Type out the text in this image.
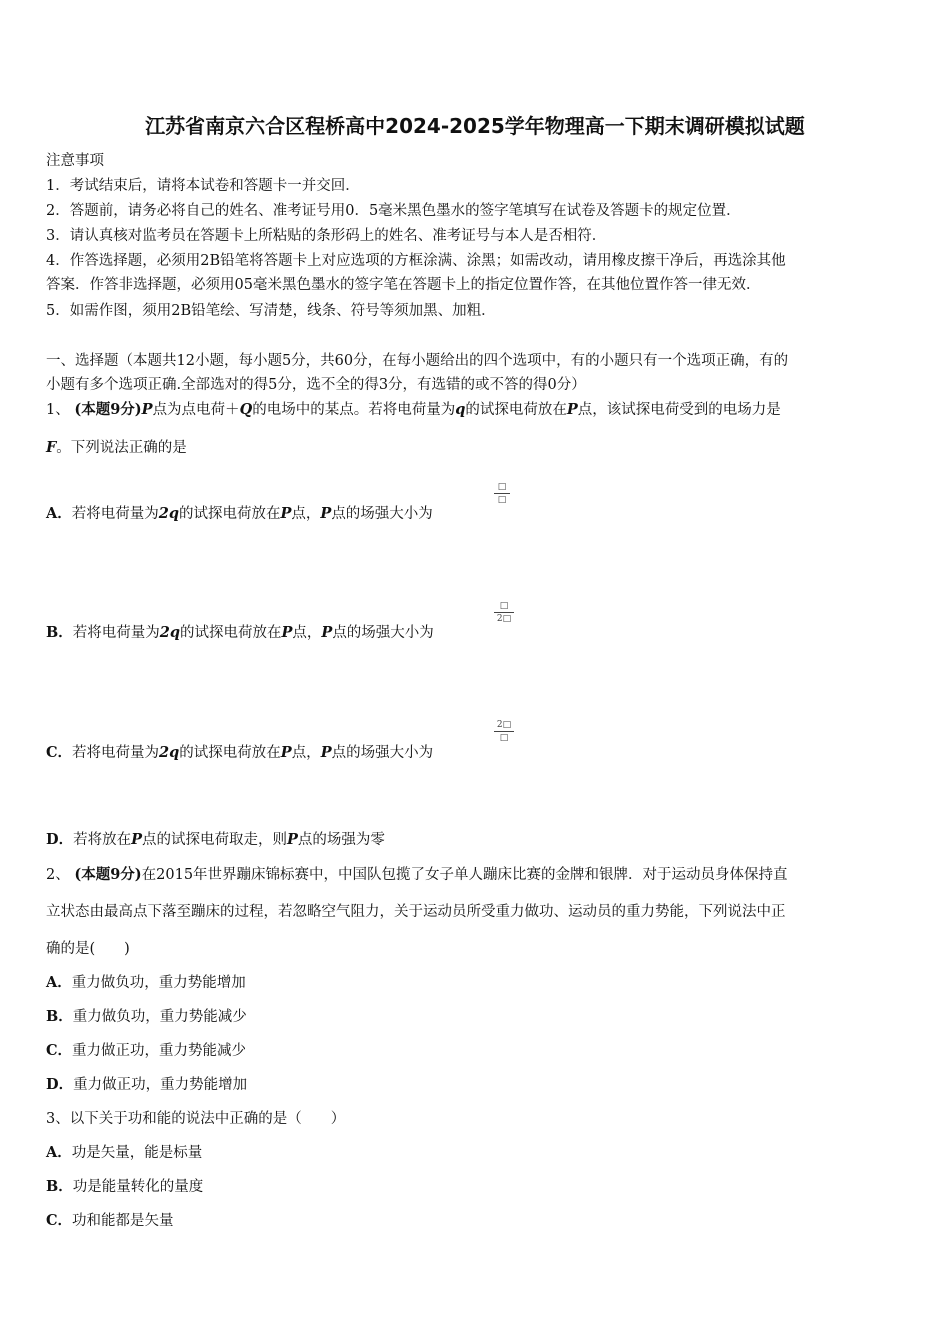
江苏省南京六合区程桥高中2024-2025学年物理高一下期末调研模拟试题
注意事项
1．考试结束后，请将本试卷和答题卡一并交回．
2．答题前，请务必将自己的姓名、准考证号用0．5毫米黑色墨水的签字笔填写在试卷及答题卡的规定位置．
3．请认真核对监考员在答题卡上所粘贴的条形码上的姓名、准考证号与本人是否相符．
4．作答选择题，必须用2B铅笔将答题卡上对应选项的方框涂满、涂黑；如需改动，请用橡皮擦干净后，再选涂其他
答案．作答非选择题，必须用05毫米黑色墨水的签字笔在答题卡上的指定位置作答，在其他位置作答一律无效．
5．如需作图，须用2B铅笔绘、写清楚，线条、符号等须加黑、加粗．
一、选择题（本题共12小题，每小题5分，共60分，在每小题给出的四个选项中，有的小题只有一个选项正确，有的
小题有多个选项正确.全部选对的得5分，选不全的得3分，有选错的或不答的得0分）
1、 (本题9分)P点为点电荷＋Q的电场中的某点。若将电荷量为q的试探电荷放在P点，该试探电荷受到的电场力是
F。下列说法正确的是
A．若将电荷量为2q的试探电荷放在P点，P点的场强大小为
□
□
B．若将电荷量为2q的试探电荷放在P点，P点的场强大小为
□
2□
C．若将电荷量为2q的试探电荷放在P点，P点的场强大小为
2□
□
D．若将放在P点的试探电荷取走，则P点的场强为零
2、 (本题9分)在2015年世界蹦床锦标赛中，中国队包揽了女子单人蹦床比赛的金牌和银牌．对于运动员身体保持直
立状态由最高点下落至蹦床的过程，若忽略空气阻力，关于运动员所受重力做功、运动员的重力势能，下列说法中正
确的是(　　)
A．重力做负功，重力势能增加
B．重力做负功，重力势能减少
C．重力做正功，重力势能减少
D．重力做正功，重力势能增加
3、以下关于功和能的说法中正确的是（　　）
A．功是矢量，能是标量
B．功是能量转化的量度
C．功和能都是矢量
